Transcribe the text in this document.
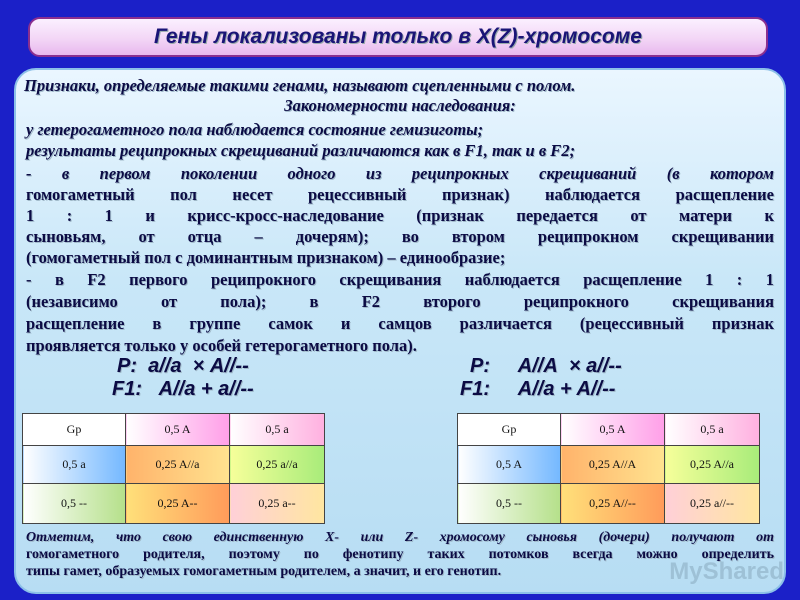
Гены локализованы только в X(Z)-хромосоме
Признаки, определяемые такими генами, называют сцепленными с полом.
Закономерности наследования:
у гетерогаметного пола наблюдается состояние гемизиготы;
результаты реципрокных скрещиваний различаются как в F1, так и в F2;
- в первом поколении одного из реципрокных скрещиваний (в котором
гомогаметный пол несет рецессивный признак) наблюдается расщепление
1 : 1 и крисс-кросс-наследование (признак передается от матери к
сыновьям, от отца – дочерям); во втором реципрокном скрещивании
(гомогаметный пол с доминантным признаком) – единообразие;
- в F2 первого реципрокного скрещивания наблюдается расщепление 1 : 1
(независимо от пола); в F2 второго реципрокного скрещивания
расщепление в группе самок и самцов различается (рецессивный признак
проявляется только у особей гетерогаметного пола).
P: a//a × A//--
F1: A//a + a//--
P: A//A × a//--
F1: A//a + A//--
Gp	0,5 A	0,5 a
0,5 a	0,25 A//a	0,25 a//a
0,5 --	0,25 A--	0,25 a--
Gp	0,5 A	0,5 a
0,5 A	0,25 A//A	0,25 A//a
0,5 --	0,25 A//--	0,25 a//--
Отметим, что свою единственную X- или Z- хромосому сыновья (дочери) получают от
гомогаметного родителя, поэтому по фенотипу таких потомков всегда можно определить
типы гамет, образуемых гомогаметным родителем, а значит, и его генотип.	MyShared
